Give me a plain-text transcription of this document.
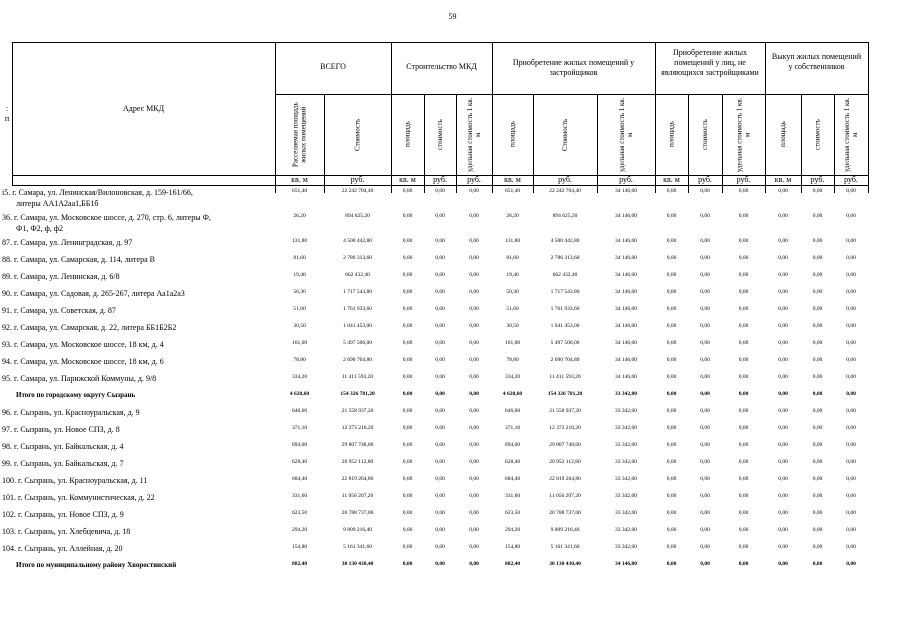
59
:
п
Адрес МКД
ВСЕГО	Строительство МКД	Приобретение жилых помещений у застройщиков
Приобретение жилых помещений у лиц, не являющихся застройщиками
Выкуп жилых помещений у собственников
Расселяемая площадь жилых помещений	Стоимость	площадь	стоимость	удельная стоимость 1 кв. м	площадь	Стоимость	удельная стоимость 1 кв. м	площадь	стоимость	удельная стоимость 1 кв. м	площадь	стоимость	удельная стоимость 1 кв. м
кв. м	руб.	кв. м	руб.	руб.	кв. м	руб.	руб.	кв. м	руб.	руб.	кв. м	руб.	руб.
i5. г. Самара, ул. Ленинская/Вилоновская, д. 159-161/66,
литеры АА1А2аа1,ББ1б
651,40	22 242 704,40	0,00	0,00	0,00	651,40	22 242 704,40	34 146,00	0,00	0,00	0,00	0,00	0,00	0,00
36. г. Самара, ул. Московское шоссе, д. 270, стр. 6, литеры Ф,
Ф1, Ф2, ф, ф2
26,20	894 625,20	0,00	0,00	0,00	26,20	894 625,20	34 146,00	0,00	0,00	0,00	0,00	0,00	0,00
87. г. Самара, ул. Ленинградская, д. 97	131,80	4 500 442,80	0,00	0,00	0,00	131,80	4 500 442,80	34 146,00	0,00	0,00	0,00	0,00	0,00	0,00
88. г. Самара, ул. Самарская, д. 114, литера В	81,60	2 786 313,60	0,00	0,00	0,00	81,60	2 786 313,60	34 146,00	0,00	0,00	0,00	0,00	0,00	0,00
89. г. Самара, ул. Ленинская, д. 6/8	19,40	662 432,40	0,00	0,00	0,00	19,40	662 432,40	34 146,00	0,00	0,00	0,00	0,00	0,00	0,00
90. г. Самара, ул. Садовая, д. 265-267, литера Аа1а2а3	50,30	1 717 543,80	0,00	0,00	0,00	50,30	1 717 543,80	34 146,00	0,00	0,00	0,00	0,00	0,00	0,00
91. г. Самара, ул. Советская, д. 87	51,60	1 761 933,60	0,00	0,00	0,00	51,60	1 761 933,60	34 146,00	0,00	0,00	0,00	0,00	0,00	0,00
92. г. Самара, ул. Самарская, д. 22, литера ББ1Б2Б2	30,50	1 041 453,00	0,00	0,00	0,00	30,50	1 041 453,00	34 146,00	0,00	0,00	0,00	0,00	0,00	0,00
93. г. Самара, ул. Московское шоссе, 18 км, д. 4	161,00	5 497 506,00	0,00	0,00	0,00	161,00	5 497 506,00	34 146,00	0,00	0,00	0,00	0,00	0,00	0,00
94. г. Самара, ул. Московское шоссе, 18 км, д. 6	78,80	2 690 704,80	0,00	0,00	0,00	78,80	2 690 704,80	34 146,00	0,00	0,00	0,00	0,00	0,00	0,00
95. г. Самара, ул. Парижской Коммуны, д. 9/8	334,20	11 411 593,20	0,00	0,00	0,00	334,20	11 411 593,20	34 146,00	0,00	0,00	0,00	0,00	0,00	0,00
Итого по городскому округу Сызрань	4 628,60	154 326 781,20	0,00	0,00	0,00	4 628,60	154 326 781,20	33 342,00	0,00	0,00	0,00	0,00	0,00	0,00
96. г. Сызрань, ул. Красноуральская, д. 9	646,60	21 558 937,20	0,00	0,00	0,00	646,60	21 558 937,20	33 342,00	0,00	0,00	0,00	0,00	0,00	0,00
97. г. Сызрань, ул. Новое СПЗ, д. 8	371,10	12 373 216,20	0,00	0,00	0,00	371,10	12 373 216,20	33 342,00	0,00	0,00	0,00	0,00	0,00	0,00
98. г. Сызрань, ул. Байкальская, д. 4	894,00	29 807 748,00	0,00	0,00	0,00	894,00	29 807 748,00	33 342,00	0,00	0,00	0,00	0,00	0,00	0,00
99. г. Сызрань, ул. Байкальская, д. 7	628,40	20 952 112,80	0,00	0,00	0,00	628,40	20 952 112,80	33 342,00	0,00	0,00	0,00	0,00	0,00	0,00
100. г. Сызрань, ул. Красноуральская, д. 11	684,40	22 819 264,80	0,00	0,00	0,00	684,40	22 819 264,80	33 342,00	0,00	0,00	0,00	0,00	0,00	0,00
101. г. Сызрань, ул. Коммунистическая, д. 22	331,60	11 056 207,20	0,00	0,00	0,00	331,60	11 056 207,20	33 342,00	0,00	0,00	0,00	0,00	0,00	0,00
102. г. Сызрань, ул. Новое СПЗ, д. 9	623,50	20 788 737,00	0,00	0,00	0,00	623,50	20 788 737,00	33 342,00	0,00	0,00	0,00	0,00	0,00	0,00
103. г. Сызрань, ул. Хлебцевича, д. 18	294,20	9 809 216,40	0,00	0,00	0,00	294,20	9 809 216,40	33 342,00	0,00	0,00	0,00	0,00	0,00	0,00
104. г. Сызрань, ул. Аллейная, д. 20	154,80	5 161 341,60	0,00	0,00	0,00	154,80	5 161 341,60	33 342,00	0,00	0,00	0,00	0,00	0,00	0,00
Итого по муниципальному району Хворостянский	882,40	30 130 430,40	0,00	0,00	0,00	882,40	30 130 430,40	34 146,00	0,00	0,00	0,00	0,00	0,00	0,00
